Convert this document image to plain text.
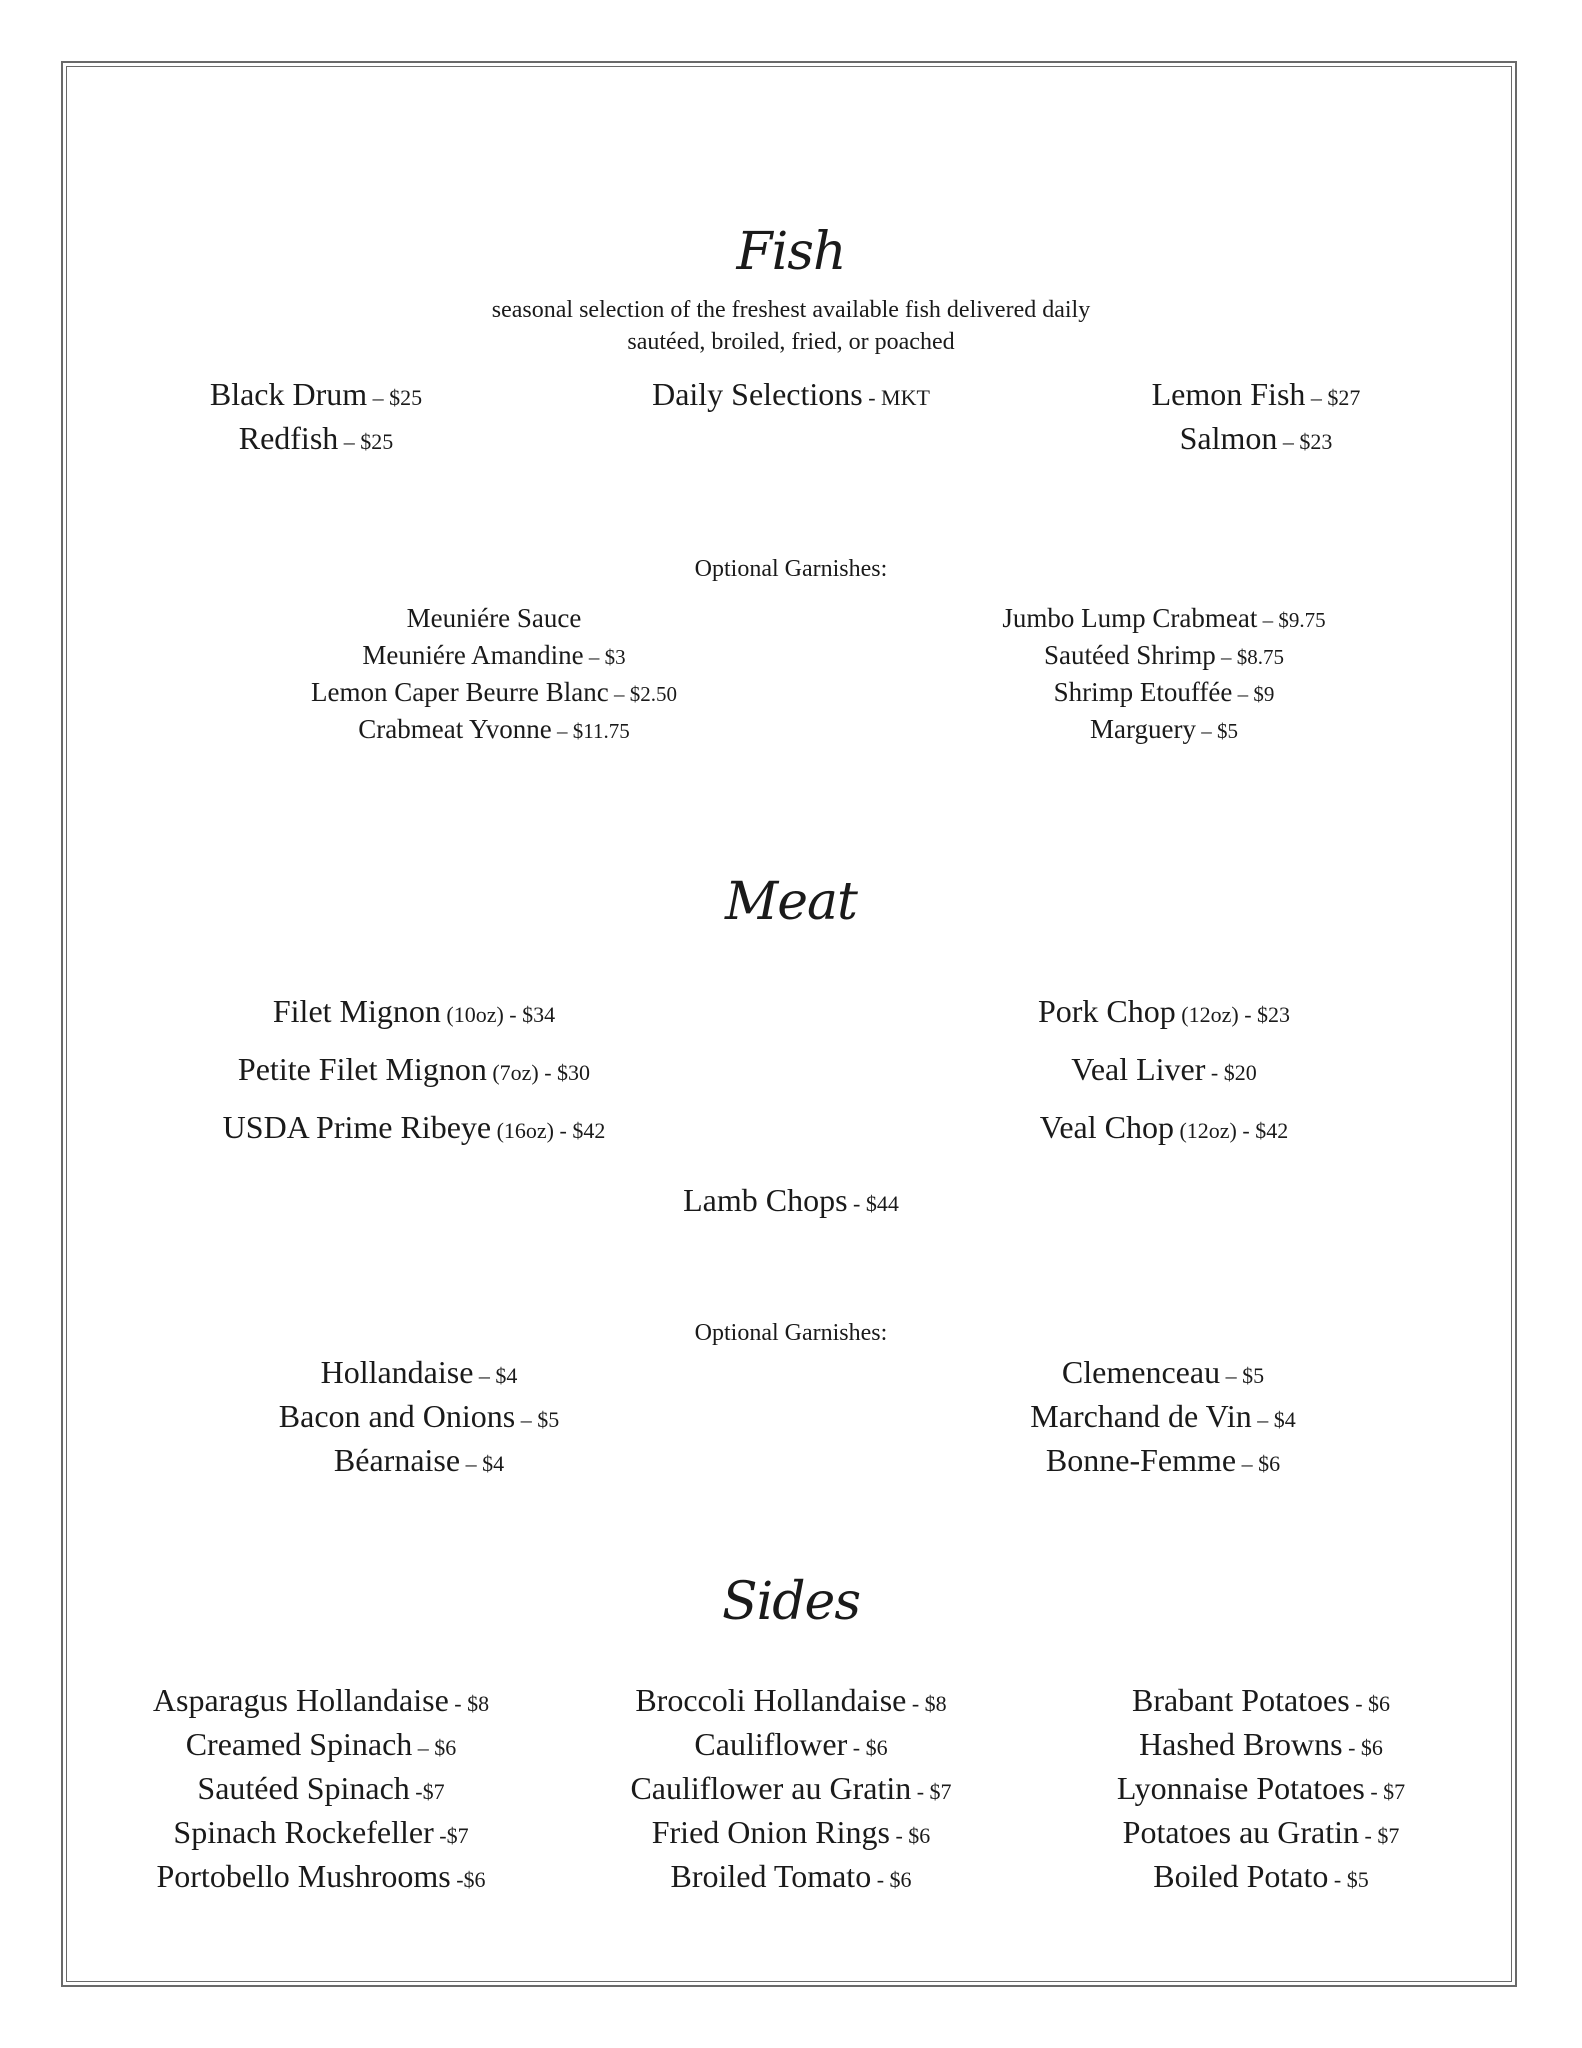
Fish
seasonal selection of the freshest available fish delivered daily
sautéed, broiled, fried, or poached
Black Drum – $25
Redfish – $25
Daily Selections - MKT	Lemon Fish – $27
Salmon – $23
Optional Garnishes:
Meuniére Sauce
Meuniére Amandine – $3
Lemon Caper Beurre Blanc – $2.50
Crabmeat Yvonne – $11.75
Jumbo Lump Crabmeat – $9.75
Sautéed Shrimp – $8.75
Shrimp Etouffée – $9
Marguery – $5
Meat
Filet Mignon (10oz) - $34
Petite Filet Mignon (7oz) - $30
USDA Prime Ribeye (16oz) - $42
Pork Chop (12oz) - $23
Veal Liver - $20
Veal Chop (12oz) - $42
Lamb Chops - $44
Optional Garnishes:
Hollandaise – $4
Bacon and Onions – $5
Béarnaise – $4
Clemenceau – $5
Marchand de Vin – $4
Bonne-Femme – $6
Sides
Asparagus Hollandaise - $8
Creamed Spinach – $6
Sautéed Spinach -$7
Spinach Rockefeller -$7
Portobello Mushrooms -$6
Broccoli Hollandaise - $8
Cauliflower - $6
Cauliflower au Gratin - $7
Fried Onion Rings - $6
Broiled Tomato - $6
Brabant Potatoes - $6
Hashed Browns - $6
Lyonnaise Potatoes - $7
Potatoes au Gratin - $7
Boiled Potato - $5
